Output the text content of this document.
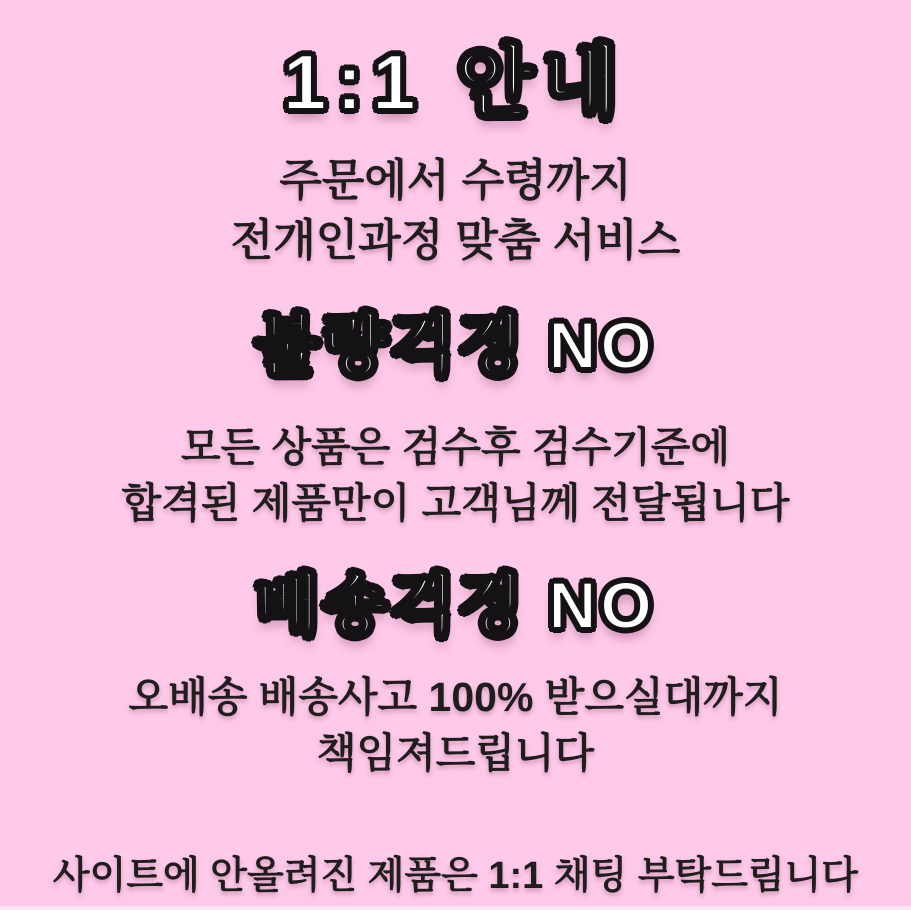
1:1 안내
주문에서 수령까지
전개인과정 맞춤 서비스
불량걱정 NO
모든 상품은 검수후 검수기준에
합격된 제품만이 고객님께 전달됩니다
배송걱정 NO
오배송 배송사고 100% 받으실대까지
책임져드립니다
사이트에 안올려진 제품은 1:1 채팅 부탁드림니다
